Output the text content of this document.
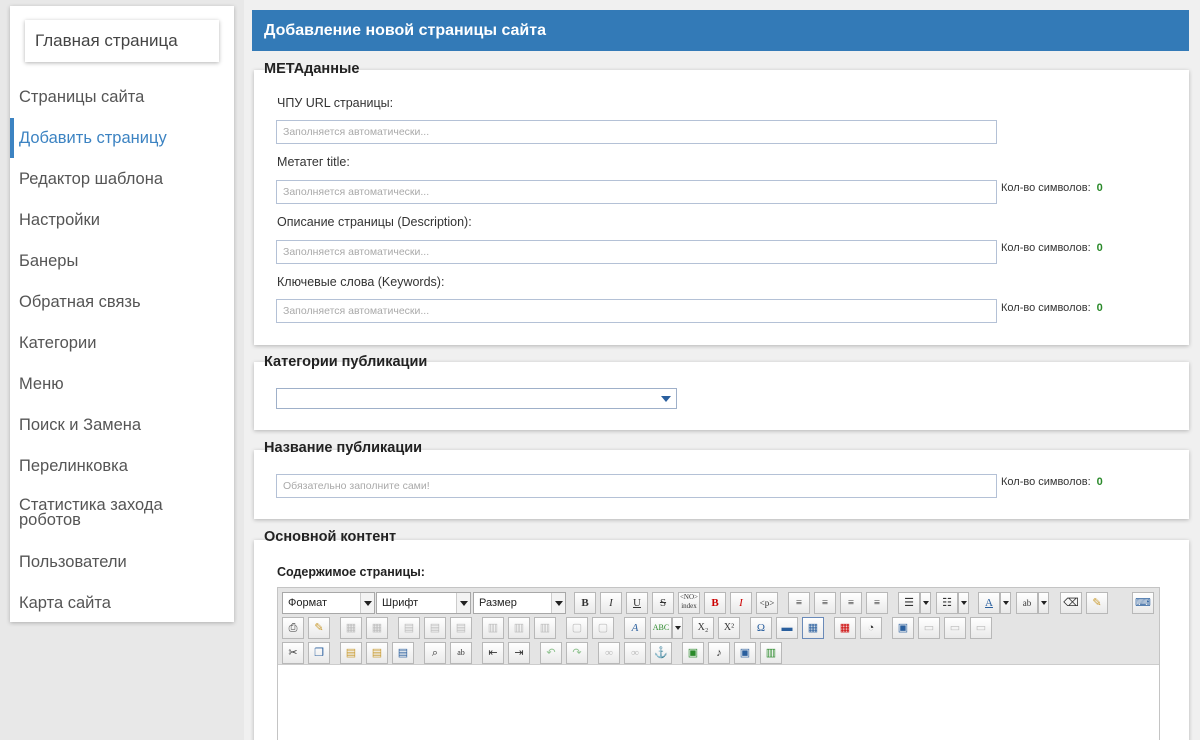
Главная страница
Страницы сайта
Добавить страницу
Редактор шаблона
Настройки
Банеры
Обратная связь
Категории
Меню
Поиск и Замена
Перелинковка
Статистика захода роботов
Пользователи
Карта сайта
Добавление новой страницы сайта
ЧПУ URL страницы:
Заполняется автоматически...
Метатег title:
Заполняется автоматически...
Кол-во символов: 0
Описание страницы (Description):
Заполняется автоматически...
Кол-во символов: 0
Ключевые слова (Keywords):
Заполняется автоматически...
Кол-во символов: 0
МЕТАданные
Категории публикации
Обязательно заполните сами!
Кол-во символов: 0
Название публикации
Содержимое страницы:
Формат	Шрифт	Размер	B	I	U	S	<NO>
index	B	I	<p>	≡	≡	≡	≡	☰	☷	A	ab	⌫	✎	⌨
⎙	✎	▦	▦	▤	▤	▤	▥	▥	▥	▢	▢	A	ABC	X₂	X²	Ω	▬	▦	▦	◔	▣	▭	▭	▭
✂	❐	▤	▤	▤	⌕	ab	⇤	⇥	↶	↷	∞	∞	⚓	▣	♪	▣	▥
Основной контент
